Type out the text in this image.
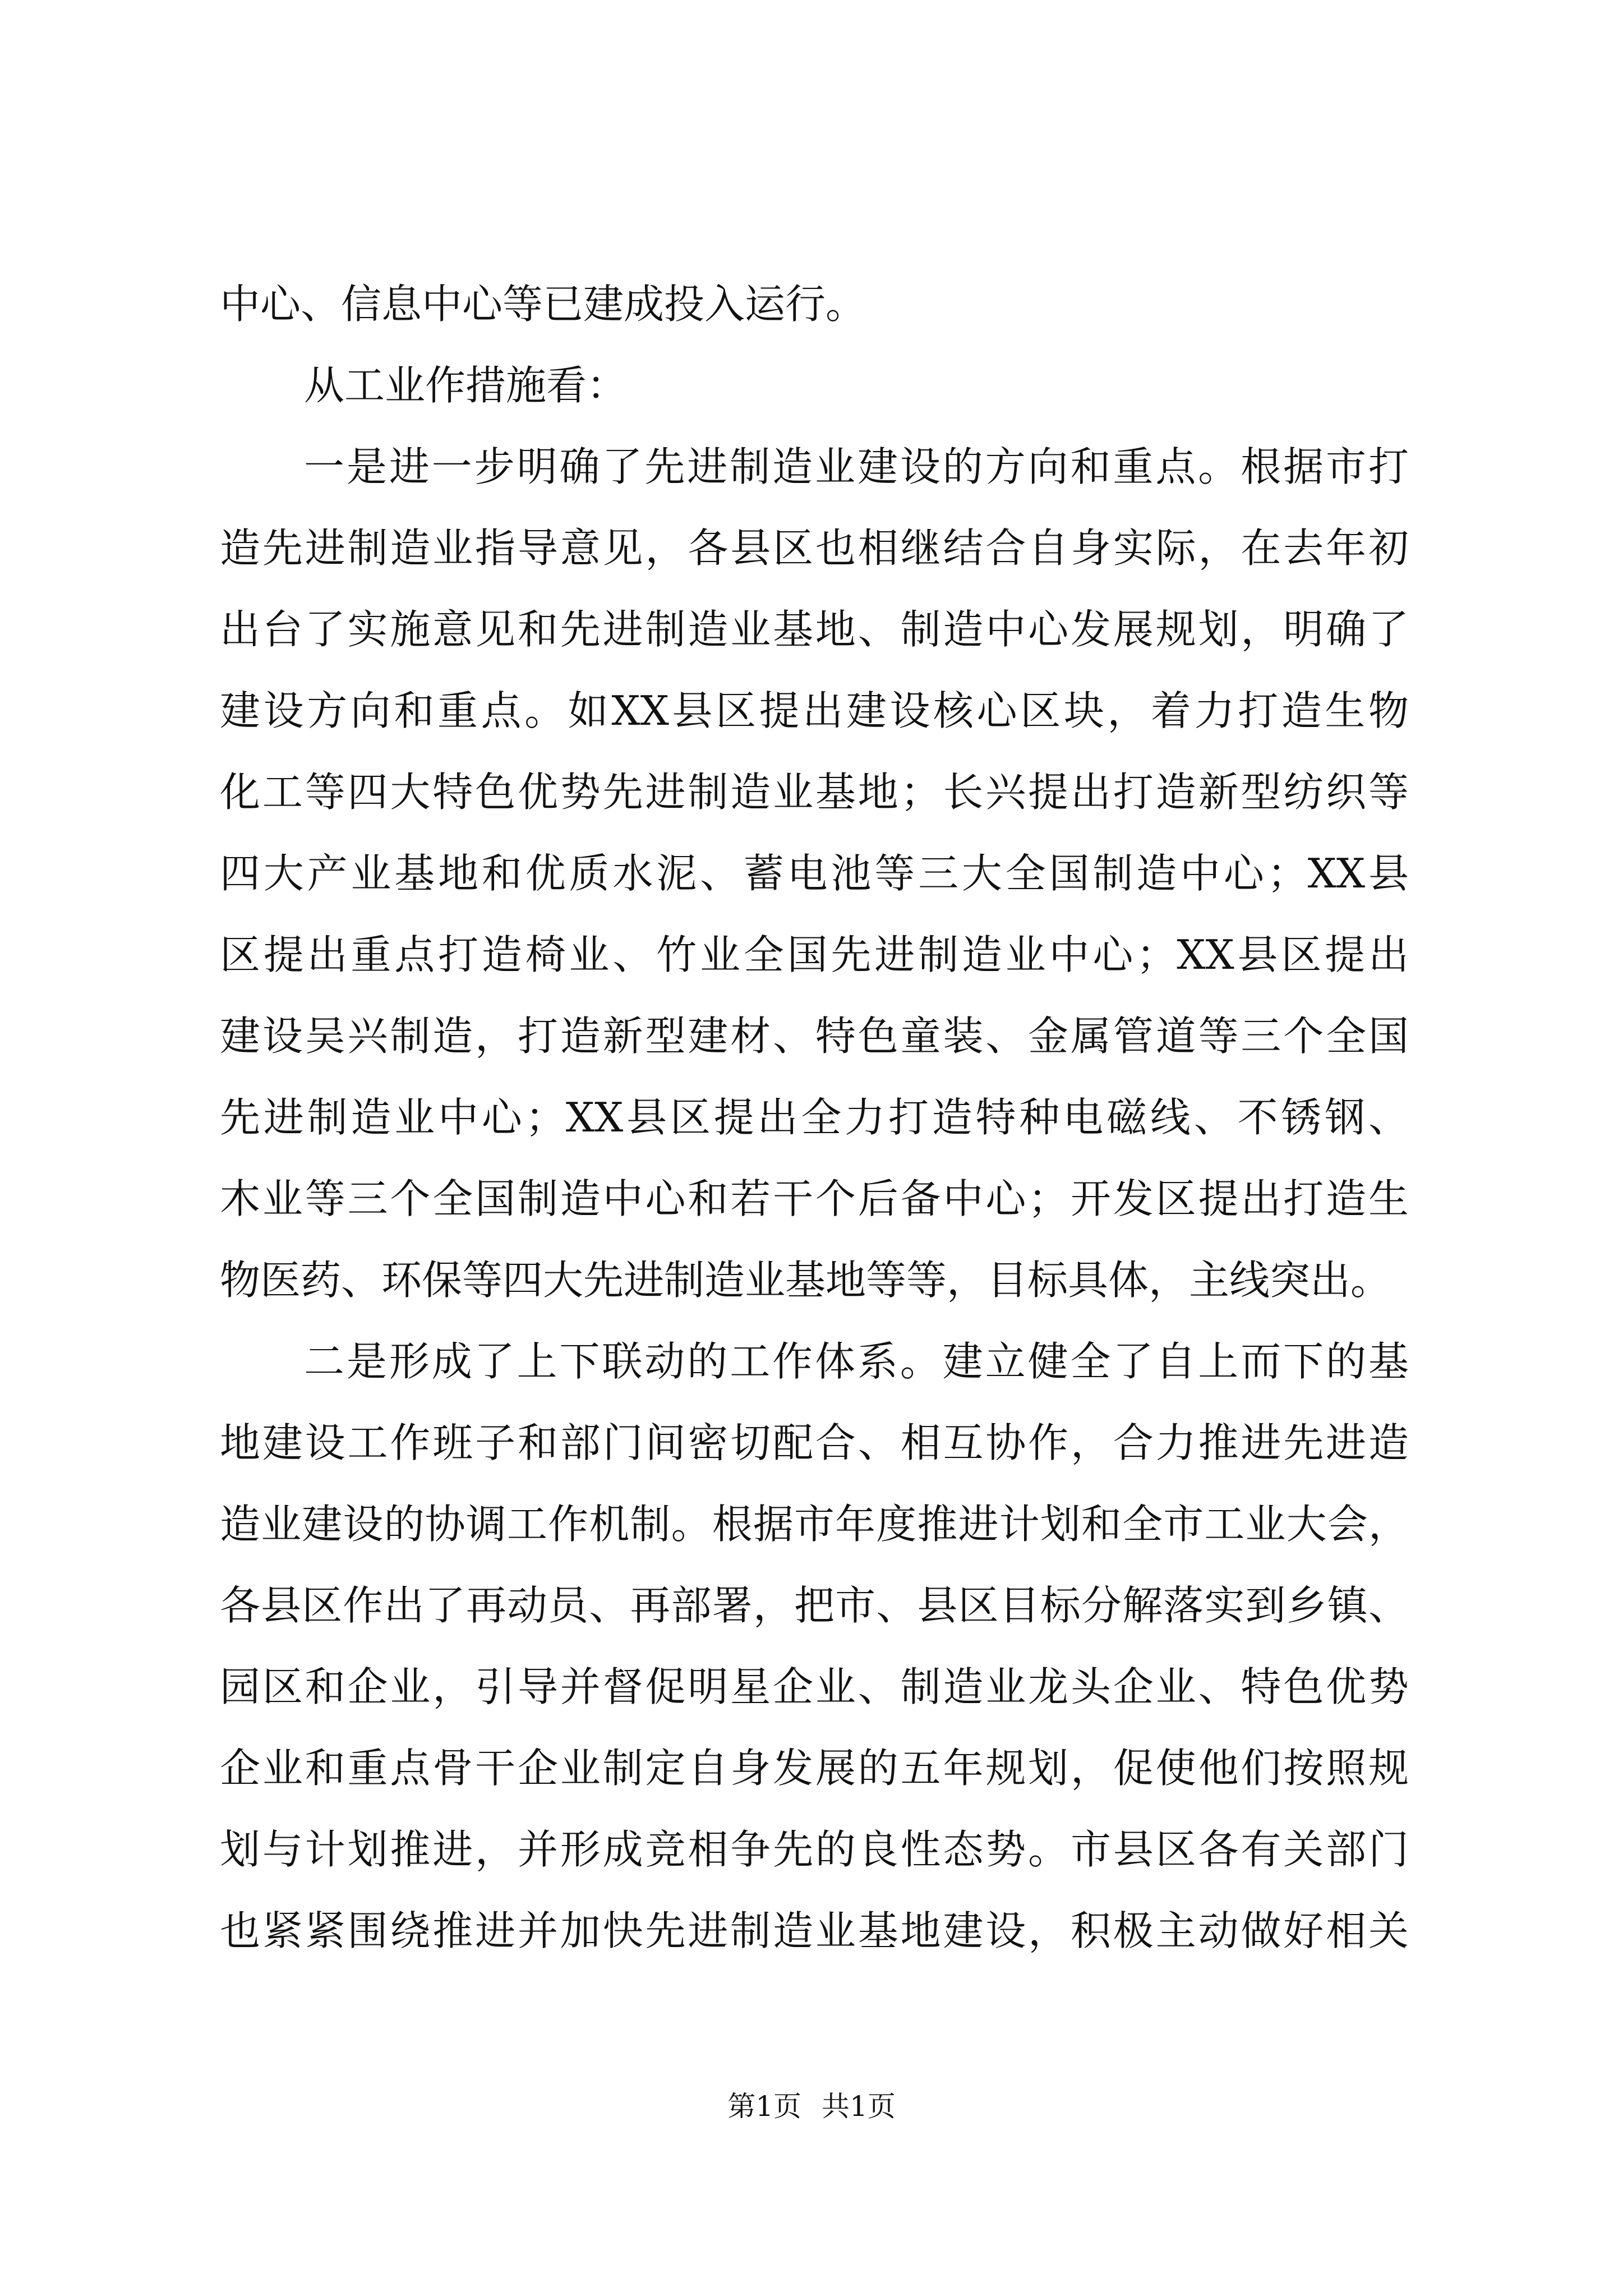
中心、信息中心等已建成投入运行。
从工业作措施看：
一是进一步明确了先进制造业建设的方向和重点。根据市打
造先进制造业指导意见，各县区也相继结合自身实际，在去年初
出台了实施意见和先进制造业基地、制造中心发展规划，明确了
建设方向和重点。如XX县区提出建设核心区块，着力打造生物
化工等四大特色优势先进制造业基地；长兴提出打造新型纺织等
四大产业基地和优质水泥、蓄电池等三大全国制造中心；XX县
区提出重点打造椅业、竹业全国先进制造业中心；XX县区提出
建设吴兴制造，打造新型建材、特色童装、金属管道等三个全国
先进制造业中心；XX县区提出全力打造特种电磁线、不锈钢、
木业等三个全国制造中心和若干个后备中心；开发区提出打造生
物医药、环保等四大先进制造业基地等等，目标具体，主线突出。
二是形成了上下联动的工作体系。建立健全了自上而下的基
地建设工作班子和部门间密切配合、相互协作，合力推进先进造
造业建设的协调工作机制。根据市年度推进计划和全市工业大会，
各县区作出了再动员、再部署，把市、县区目标分解落实到乡镇、
园区和企业，引导并督促明星企业、制造业龙头企业、特色优势
企业和重点骨干企业制定自身发展的五年规划，促使他们按照规
划与计划推进，并形成竞相争先的良性态势。市县区各有关部门
也紧紧围绕推进并加快先进制造业基地建设，积极主动做好相关
第1页 共1页
